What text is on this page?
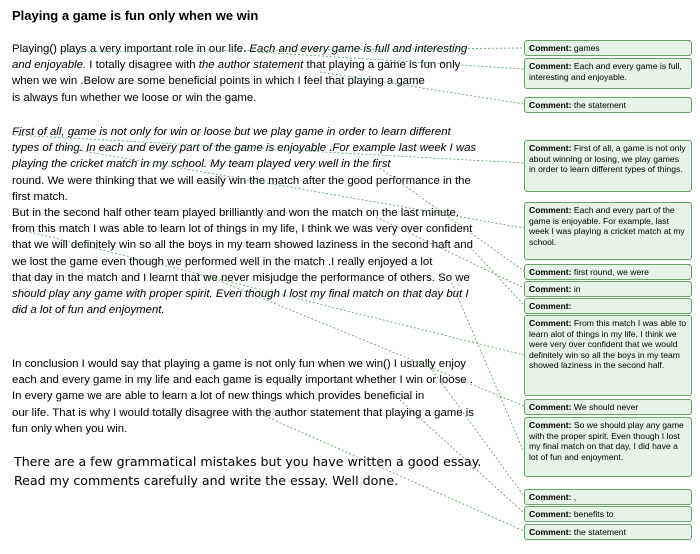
Playing a game is fun only when we win
Playing() plays a very important role in our life. Each and every game is full and interesting
and enjoyable. I totally disagree with the author statement that playing a game is fun only
when we win .Below are some beneficial points in which I feel that playing a game
is always fun whether we loose or win the game.
First of all, game is not only for win or loose but we play game in order to learn different
types of thing. In each and every part of the game is enjoyable .For example last week I was
playing the cricket match in my school. My team played very well in the first
round. We were thinking that we will easily win the match after the good performance in the
first match.
But in the second half other team played brilliantly and won the match on the last minute.
from this match I was able to learn lot of things in my life, I think we was very over confident
that we will definitely win so all the boys in my team showed laziness in the second haft and
we lost the game even though we performed well in the match .I really enjoyed a lot
that day in the match and I learnt that we never misjudge the performance of others. So we
should play any game with proper spirit. Even though I lost my final match on that day but I
did a lot of fun and enjoyment.
In conclusion I would say that playing a game is not only fun when we win() I usually enjoy
each and every game in my life and each game is equally important whether I win or loose .
In every game we are able to learn a lot of new things which provides beneficial in
our life. That is why I would totally disagree with the author statement that playing a game is
fun only when you win.
There are a few grammatical mistakes but you have written a good essay.
Read my comments carefully and write the essay. Well done.
Comment: games
Comment: Each and every game is full, interesting and enjoyable.
Comment: the statement
Comment: First of all, a game is not only about winning or losing, we play games in order to learn different types of things.
Comment: Each and every part of the game is enjoyable. For example, last week I was playing a cricket match at my school.
Comment: first round, we were
Comment: in
Comment:
Comment: From this match I was able to learn alot of things in my life, I think we were very over confident that we would definitely win so all the boys in my team showed laziness in the second half.
Comment: We should never
Comment: So we should play any game with the proper spirit. Even though I lost my final match on that day, I did have a lot of fun and enjoyment.
Comment: ,
Comment: benefits to
Comment: the statement
